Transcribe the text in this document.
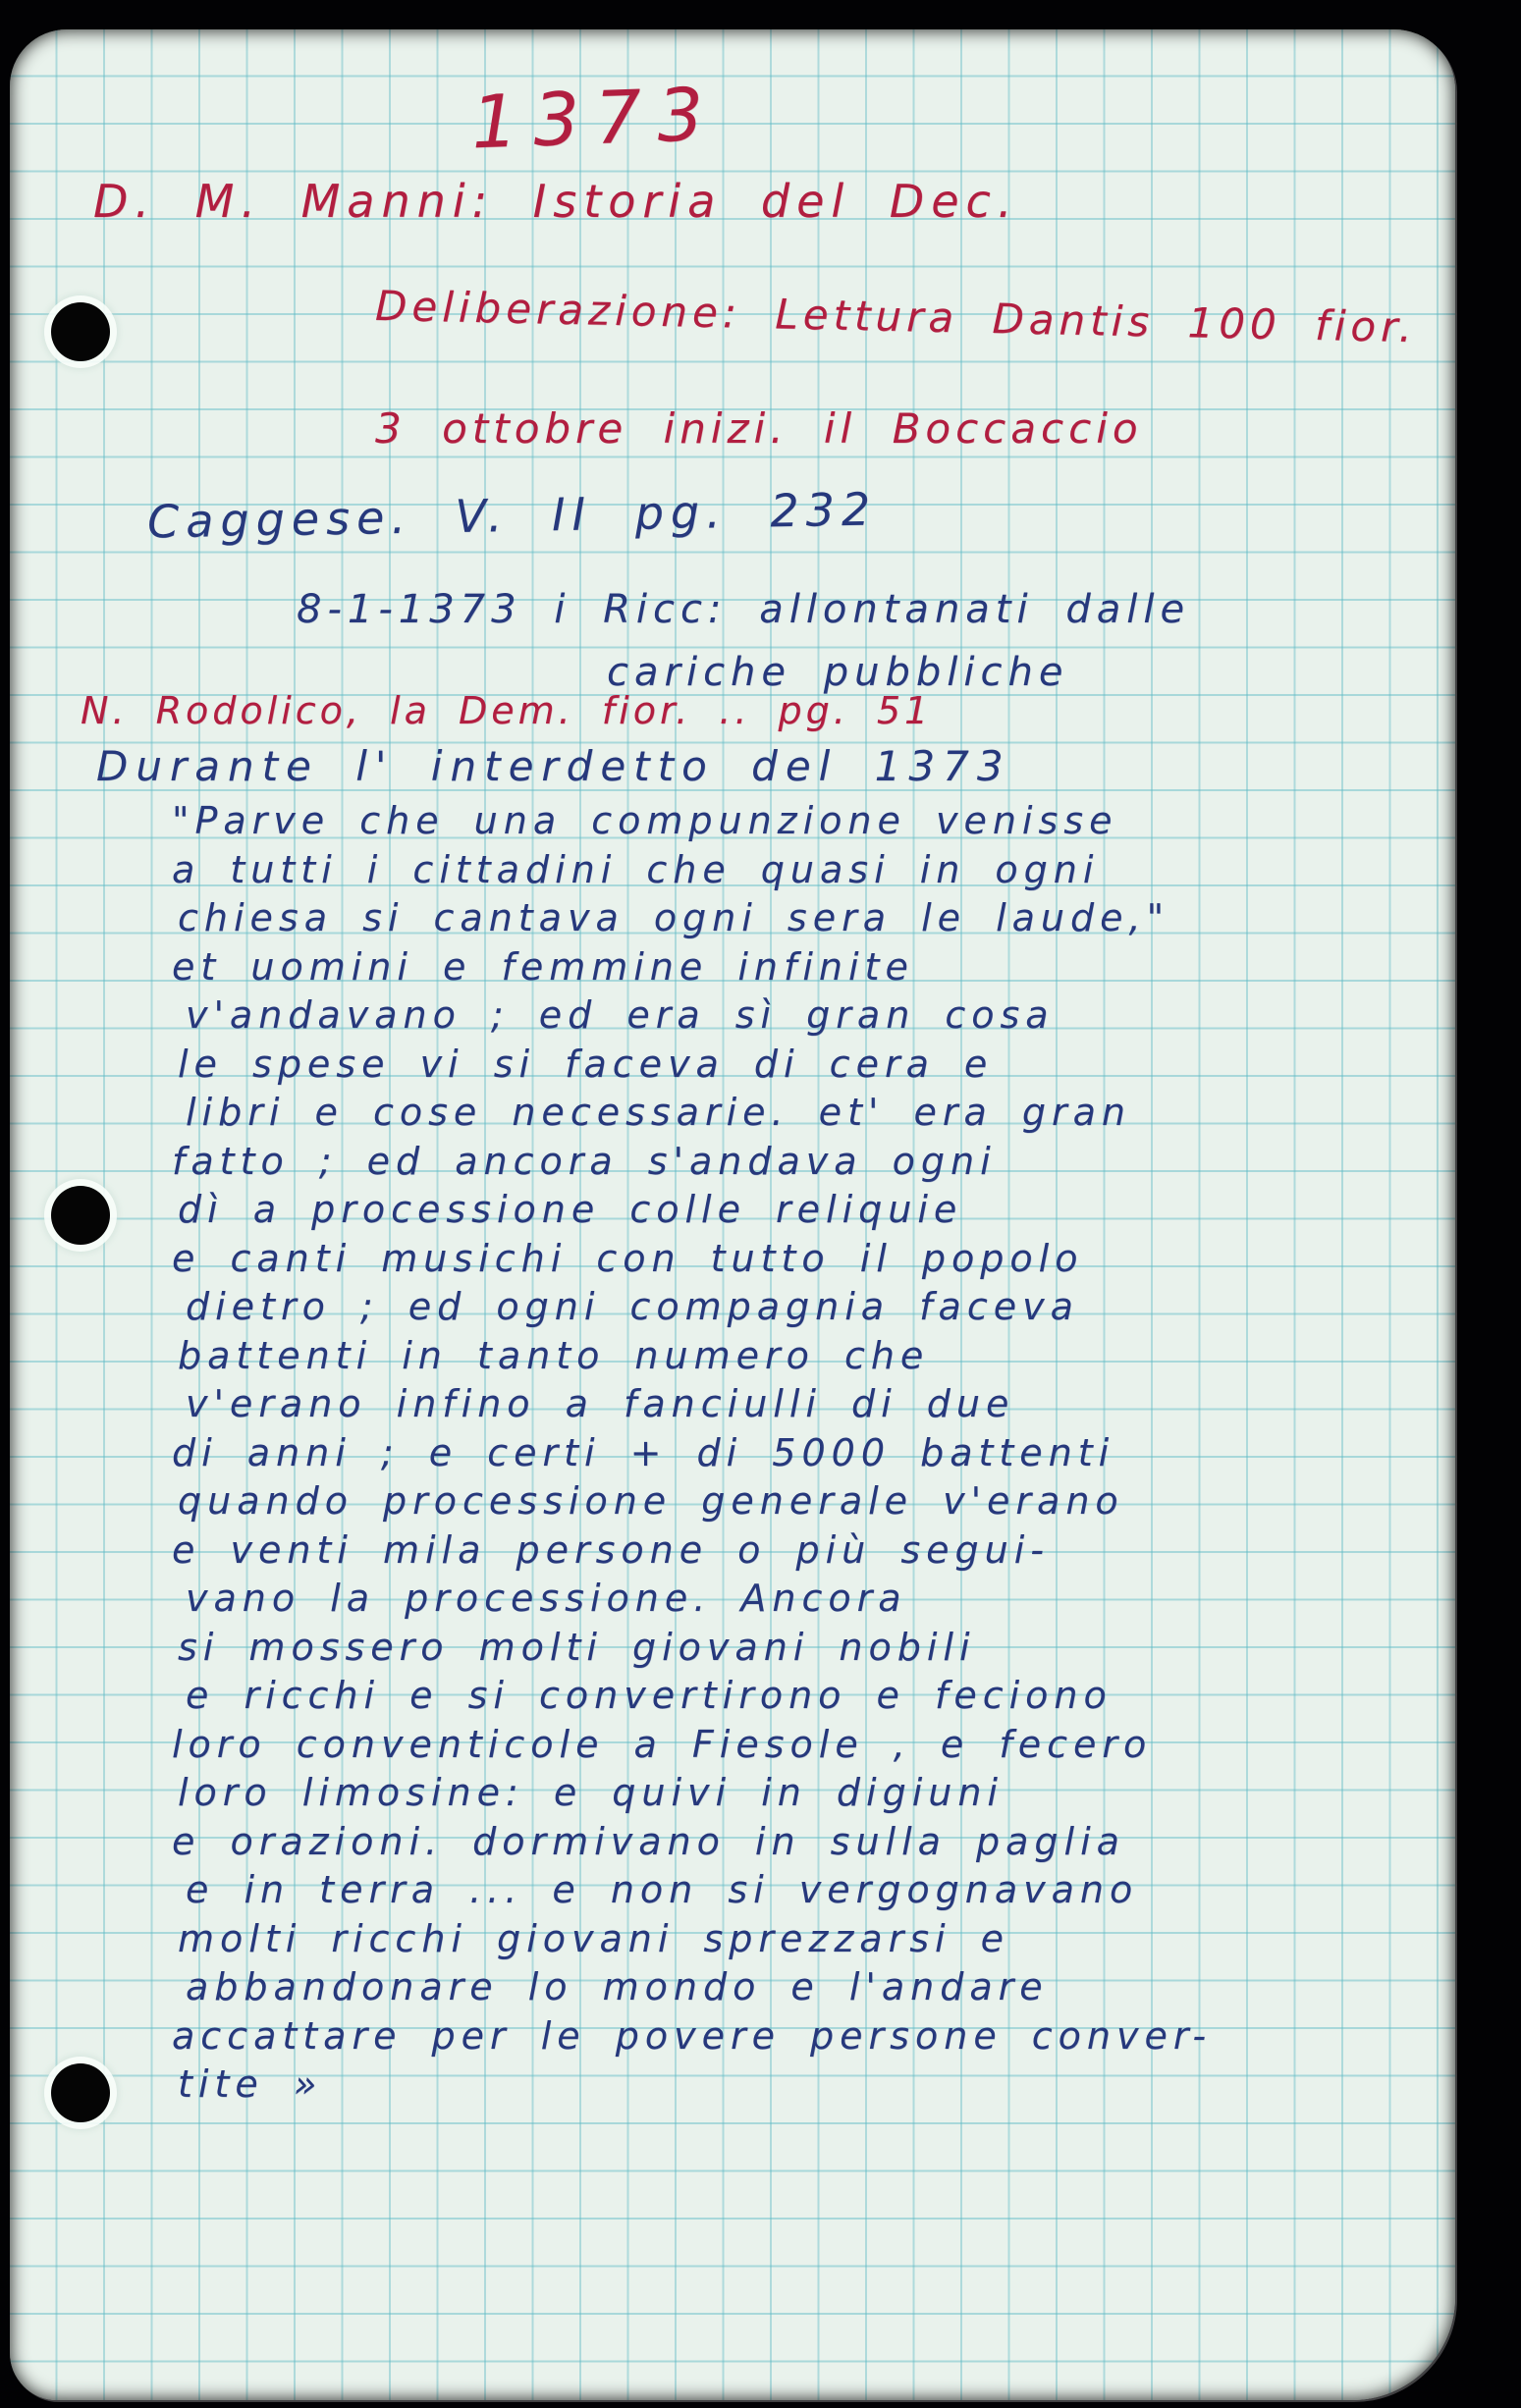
1373
D. M. Manni: Istoria del Dec.
Deliberazione: Lettura Dantis 100 fior.
3 ottobre inizi. il Boccaccio
Caggese. V. II pg. 232
8-1-1373 i Ricc: allontanati dalle
cariche pubbliche
N. Rodolico, la Dem. fior. .. pg. 51
Durante l' interdetto del 1373
"Parve che una compunzione venisse
a tutti i cittadini che quasi in ogni
chiesa si cantava ogni sera le laude,"
et uomini e femmine infinite
v'andavano ; ed era sì gran cosa
le spese vi si faceva di cera e
libri e cose necessarie. et' era gran
fatto ; ed ancora s'andava ogni
dì a processione colle reliquie
e canti musichi con tutto il popolo
dietro ; ed ogni compagnia faceva
battenti in tanto numero che
v'erano infino a fanciulli di due
di anni ; e certi + di 5000 battenti
quando processione generale v'erano
e venti mila persone o più segui-
vano la processione. Ancora
si mossero molti giovani nobili
e ricchi e si convertirono e feciono
loro conventicole a Fiesole , e fecero
loro limosine: e quivi in digiuni
e orazioni. dormivano in sulla paglia
e in terra ... e non si vergognavano
molti ricchi giovani sprezzarsi e
abbandonare lo mondo e l'andare
accattare per le povere persone conver-
tite »
